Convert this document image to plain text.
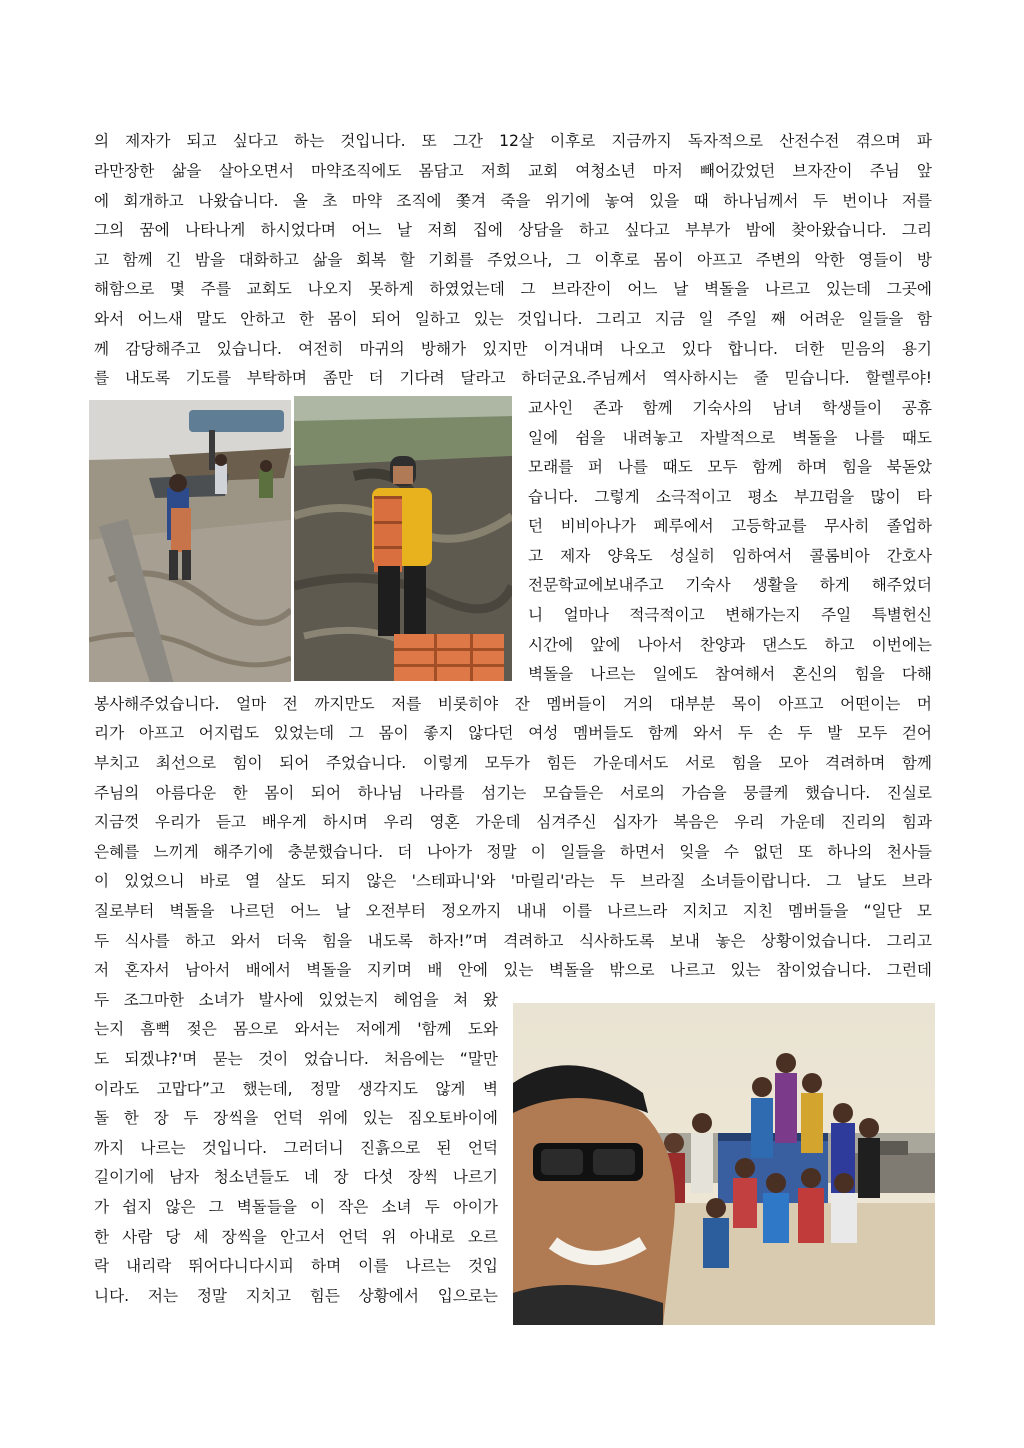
의 제자가 되고 싶다고 하는 것입니다. 또 그간 12살 이후로 지금까지 독자적으로 산전수전 겪으며 파
라만장한 삶을 살아오면서 마약조직에도 몸담고 저희 교회 여청소년 마저 빼어갔었던 브자잔이 주님 앞
에 회개하고 나왔습니다. 올 초 마약 조직에 쫓겨 죽을 위기에 놓여 있을 때 하나님께서 두 번이나 저를
그의 꿈에 나타나게 하시었다며 어느 날 저희 집에 상담을 하고 싶다고 부부가 밤에 찾아왔습니다. 그리
고 함께 긴 밤을 대화하고 삶을 회복 할 기회를 주었으나, 그 이후로 몸이 아프고 주변의 악한 영들이 방
해함으로 몇 주를 교회도 나오지 못하게 하였었는데 그 브라잔이 어느 날 벽돌을 나르고 있는데 그곳에
와서 어느새 말도 안하고 한 몸이 되어 일하고 있는 것입니다. 그리고 지금 일 주일 째 어려운 일들을 함
께 감당해주고 있습니다. 여전히 마귀의 방해가 있지만 이겨내며 나오고 있다 합니다. 더한 믿음의 용기
를 내도록 기도를 부탁하며 좀만 더 기다려 달라고 하더군요.주님께서 역사하시는 줄 믿습니다. 할렐루야!
교사인 존과 함께 기숙사의 남녀 학생들이 공휴
일에 쉼을 내려놓고 자발적으로 벽돌을 나를 때도
모래를 퍼 나를 때도 모두 함께 하며 힘을 북돋았
습니다. 그렇게 소극적이고 평소 부끄럼을 많이 타
던 비비아나가 페루에서 고등학교를 무사히 졸업하
고 제자 양육도 성실히 임하여서 콜롬비아 간호사
전문학교에보내주고 기숙사 생활을 하게 해주었더
니 얼마나 적극적이고 변해가는지 주일 특별헌신
시간에 앞에 나아서 찬양과 댄스도 하고 이번에는
벽돌을 나르는 일에도 참여해서 혼신의 힘을 다해
봉사해주었습니다. 얼마 전 까지만도 저를 비롯히야 잔 멤버들이 거의 대부분 목이 아프고 어떤이는 머
리가 아프고 어지럽도 있었는데 그 몸이 좋지 않다던 여성 멤버들도 함께 와서 두 손 두 발 모두 걷어
부치고 최선으로 힘이 되어 주었습니다. 이렇게 모두가 힘든 가운데서도 서로 힘을 모아 격려하며 함께
주님의 아름다운 한 몸이 되어 하나님 나라를 섬기는 모습들은 서로의 가슴을 뭉클케 했습니다. 진실로
지금껏 우리가 듣고 배우게 하시며 우리 영혼 가운데 심겨주신 십자가 복음은 우리 가운데 진리의 힘과
은혜를 느끼게 해주기에 충분했습니다. 더 나아가 정말 이 일들을 하면서 잊을 수 없던 또 하나의 천사들
이 있었으니 바로 열 살도 되지 않은 '스테파니'와 '마릴리'라는 두 브라질 소녀들이랍니다. 그 날도 브라
질로부터 벽돌을 나르던 어느 날 오전부터 정오까지 내내 이를 나르느라 지치고 지친 멤버들을 “일단 모
두 식사를 하고 와서 더욱 힘을 내도록 하자!”며 격려하고 식사하도록 보내 놓은 상황이었습니다. 그리고
저 혼자서 남아서 배에서 벽돌을 지키며 배 안에 있는 벽돌을 밖으로 나르고 있는 참이었습니다. 그런데
두 조그마한 소녀가 발사에 있었는지 헤엄을 쳐 왔
는지 흠뻑 젖은 몸으로 와서는 저에게 '함께 도와
도 되겠냐?'며 묻는 것이 었습니다. 처음에는 “말만
이라도 고맙다”고 했는데, 정말 생각지도 않게 벽
돌 한 장 두 장씩을 언덕 위에 있는 짐오토바이에
까지 나르는 것입니다. 그러더니 진흙으로 된 언덕
길이기에 남자 청소년들도 네 장 다섯 장씩 나르기
가 쉽지 않은 그 벽돌들을 이 작은 소녀 두 아이가
한 사람 당 세 장씩을 안고서 언덕 위 아내로 오르
락 내리락 뛰어다니다시피 하며 이를 나르는 것입
니다. 저는 정말 지치고 힘든 상황에서 입으로는
